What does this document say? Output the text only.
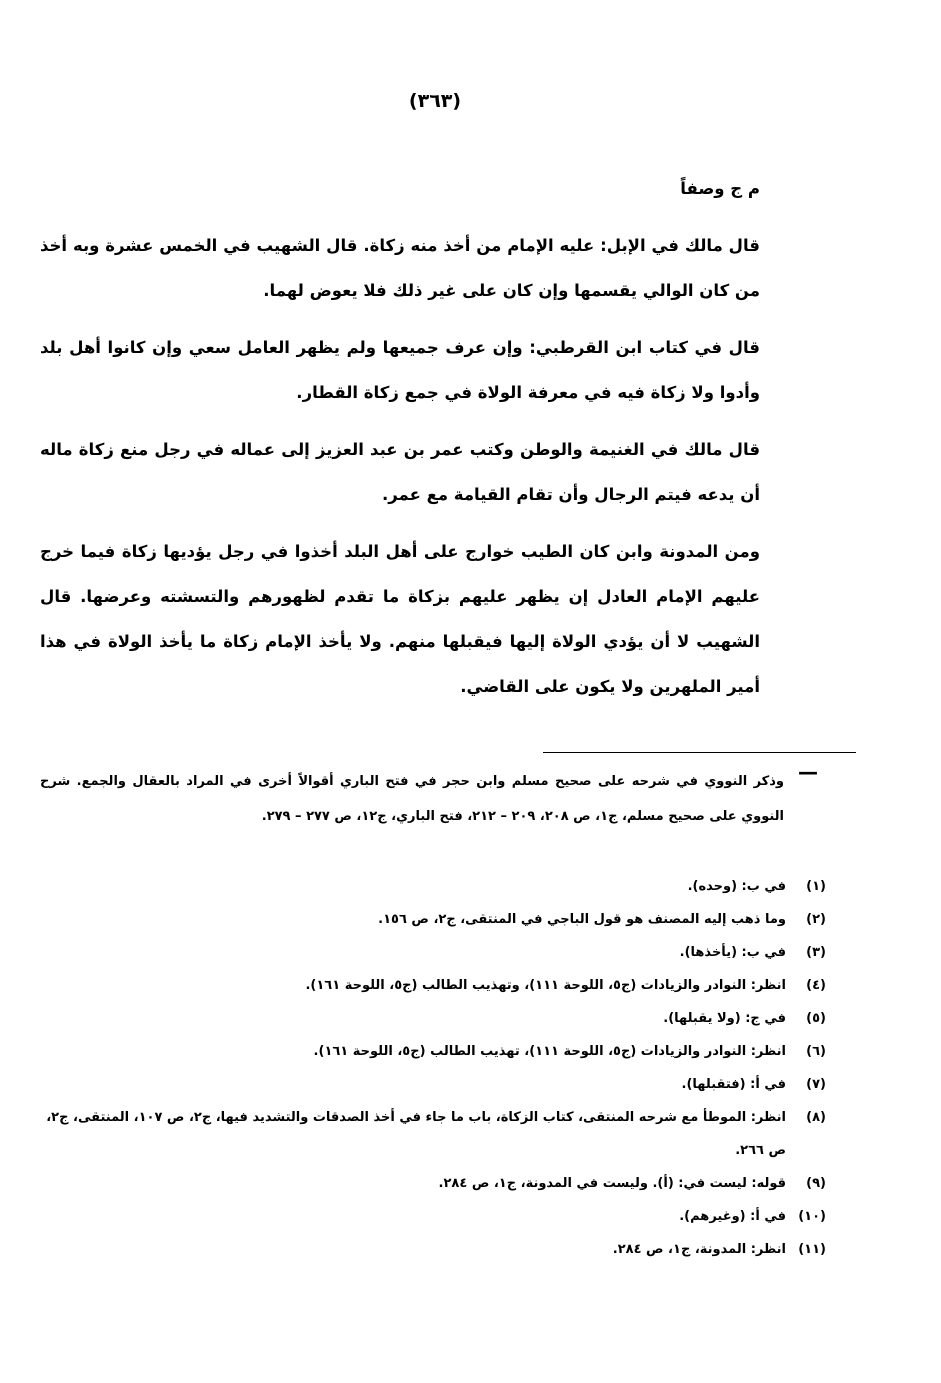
(٣٦٣)

م ج وصفاً

قال مالك في الإبل: عليه الإمام من أخذ منه زكاة. قال الشهيب في الخمس عشرة وبه أخذ من كان الوالي يقسمها وإن كان على غير ذلك فلا يعوض لهما.

قال في كتاب ابن القرطبي: وإن عرف جميعها ولم يظهر العامل سعي وإن كانوا أهل بلد وأدوا ولا زكاة فيه في معرفة الولاة في جمع زكاة القطار.

قال مالك في الغنيمة والوطن وكتب عمر بن عبد العزيز إلى عماله في رجل منع زكاة ماله أن يدعه فيتم الرجال وأن تقام القيامة مع عمر.

ومن المدونة وابن كان الطيب خوارج على أهل البلد أخذوا في رجل يؤديها زكاة فيما خرج عليهم الإمام العادل إن يظهر عليهم بزكاة ما تقدم لظهورهم والتسشته وعرضها. قال الشهيب لا أن يؤدي الولاة إليها فيقبلها منهم. ولا يأخذ الإمام زكاة ما يأخذ الولاة في هذا أمير الملهرين ولا يكون على القاضي.

—
وذكر النووي في شرحه على صحيح مسلم وابن حجر في فتح الباري أقوالاً أخرى في المراد بالعقال والجمع. شرح النووي على صحيح مسلم، ج١، ص ٢٠٨، ٢٠٩ – ٢١٢، فتح الباري، ج١٢، ص ٢٧٧ – ٢٧٩.
(١)
في ب: (وحده).
(٢)
وما ذهب إليه المصنف هو قول الباجي في المنتقى، ج٢، ص ١٥٦.
(٣)
في ب: (يأخذها).
(٤)
انظر: النوادر والزيادات (ج٥، اللوحة ١١١)، وتهذيب الطالب (ج٥، اللوحة ١٦١).
(٥)
في ج: (ولا يقبلها).
(٦)
انظر: النوادر والزيادات (ج٥، اللوحة ١١١)، تهذيب الطالب (ج٥، اللوحة ١٦١).
(٧)
في أ: (فتقبلها).
(٨)
انظر: الموطأ مع شرحه المنتقى، كتاب الزكاة، باب ما جاء في أخذ الصدقات والتشديد فيها، ج٢، ص ١٠٧، المنتقى، ج٢، ص ٢٦٦.
(٩)
قوله: ليست في: (أ). وليست في المدونة، ج١، ص ٢٨٤.
(١٠)
في أ: (وغيرهم).
(١١)
انظر: المدونة، ج١، ص ٢٨٤.
